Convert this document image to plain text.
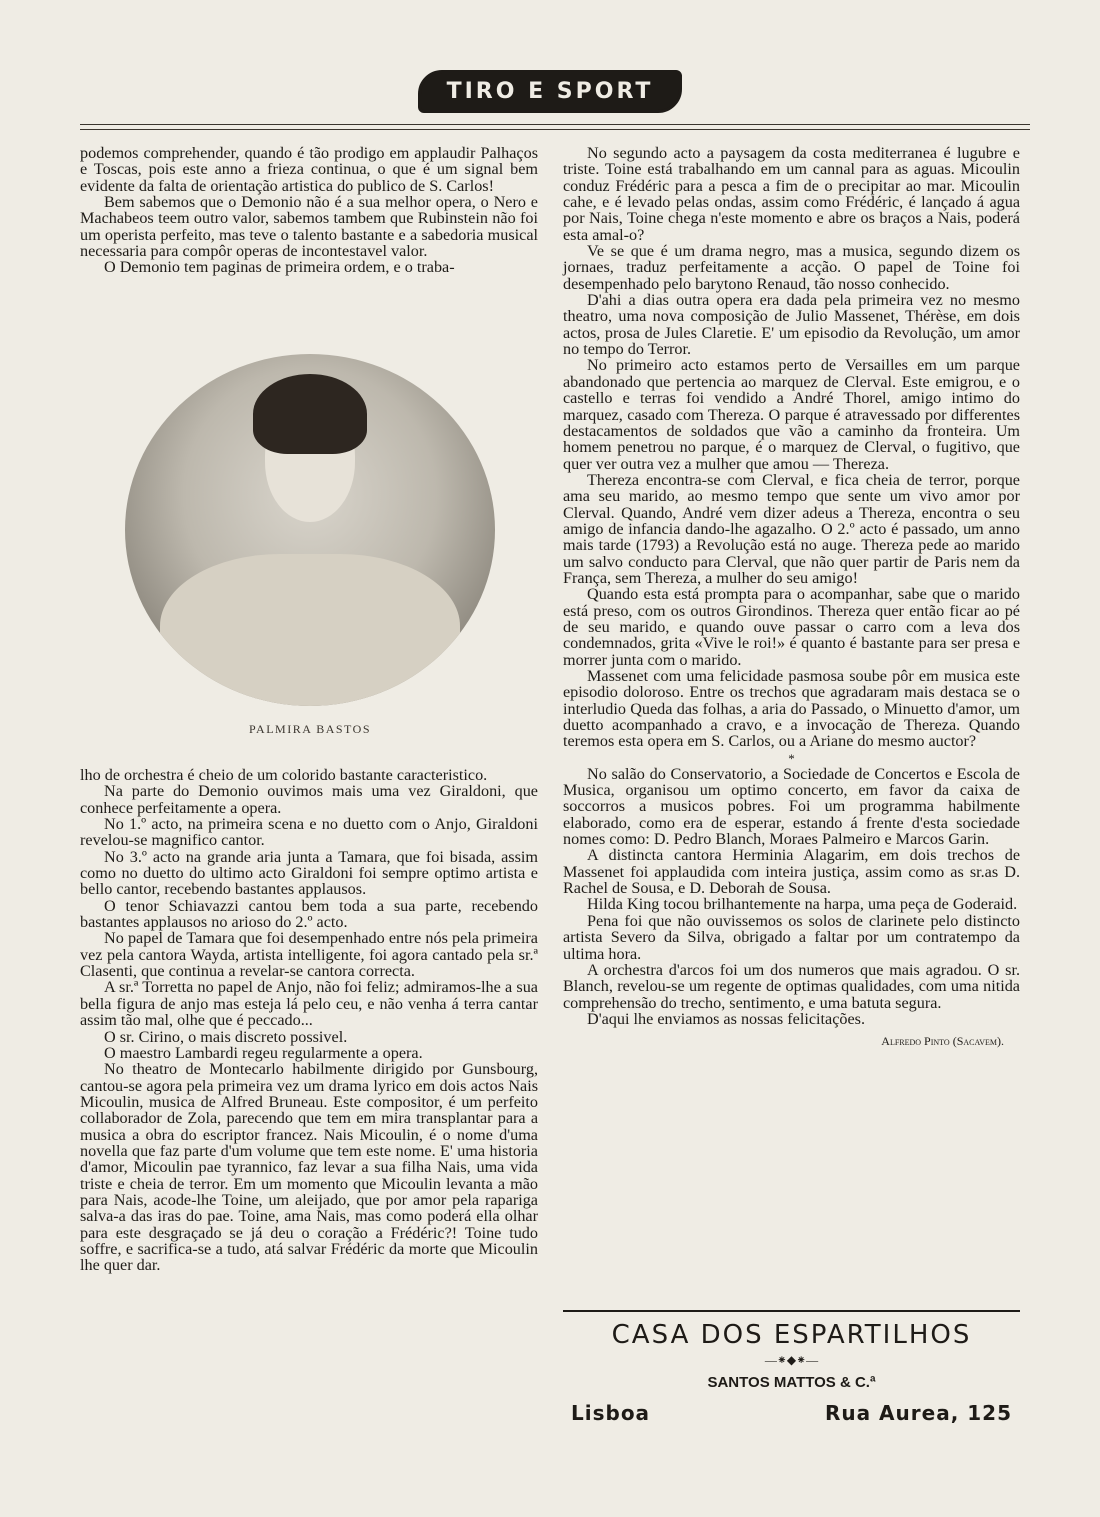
TIRO E SPORT

podemos comprehender, quando é tão prodigo em applaudir Palhaços e Toscas, pois este anno a frieza continua, o que é um signal bem evidente da falta de orientação artistica do publico de S. Carlos!

Bem sabemos que o Demonio não é a sua melhor opera, o Nero e Machabeos teem outro valor, sabemos tambem que Rubinstein não foi um operista perfeito, mas teve o talento bastante e a sabedoria musical necessaria para compôr operas de incontestavel valor.

O Demonio tem paginas de primeira ordem, e o traba-

PALMIRA BASTOS

lho de orchestra é cheio de um colorido bastante caracteristico.

Na parte do Demonio ouvimos mais uma vez Giraldoni, que conhece perfeitamente a opera.

No 1.º acto, na primeira scena e no duetto com o Anjo, Giraldoni revelou-se magnifico cantor.

No 3.º acto na grande aria junta a Tamara, que foi bisada, assim como no duetto do ultimo acto Giraldoni foi sempre optimo artista e bello cantor, recebendo bastantes applausos.

O tenor Schiavazzi cantou bem toda a sua parte, recebendo bastantes applausos no arioso do 2.º acto.

No papel de Tamara que foi desempenhado entre nós pela primeira vez pela cantora Wayda, artista intelligente, foi agora cantado pela sr.ª Clasenti, que continua a revelar-se cantora correcta.

A sr.ª Torretta no papel de Anjo, não foi feliz; admiramos-lhe a sua bella figura de anjo mas esteja lá pelo ceu, e não venha á terra cantar assim tão mal, olhe que é peccado...

O sr. Cirino, o mais discreto possivel.

O maestro Lambardi regeu regularmente a opera.

No theatro de Montecarlo habilmente dirigido por Gunsbourg, cantou-se agora pela primeira vez um drama lyrico em dois actos Nais Micoulin, musica de Alfred Bruneau. Este compositor, é um perfeito collaborador de Zola, parecendo que tem em mira transplantar para a musica a obra do escriptor francez. Nais Micoulin, é o nome d'uma novella que faz parte d'um volume que tem este nome. E' uma historia d'amor, Micoulin pae tyrannico, faz levar a sua filha Nais, uma vida triste e cheia de terror. Em um momento que Micoulin levanta a mão para Nais, acode-lhe Toine, um aleijado, que por amor pela rapariga salva-a das iras do pae. Toine, ama Nais, mas como poderá ella olhar para este desgraçado se já deu o coração a Frédéric?! Toine tudo soffre, e sacrifica-se a tudo, atá salvar Frédéric da morte que Micoulin lhe quer dar.

No segundo acto a paysagem da costa mediterranea é lugubre e triste. Toine está trabalhando em um cannal para as aguas. Micoulin conduz Frédéric para a pesca a fim de o precipitar ao mar. Micoulin cahe, e é levado pelas ondas, assim como Frédéric, é lançado á agua por Nais, Toine chega n'este momento e abre os braços a Nais, poderá esta amal-o?

Ve se que é um drama negro, mas a musica, segundo dizem os jornaes, traduz perfeitamente a acção. O papel de Toine foi desempenhado pelo barytono Renaud, tão nosso conhecido.

D'ahi a dias outra opera era dada pela primeira vez no mesmo theatro, uma nova composição de Julio Massenet, Thérèse, em dois actos, prosa de Jules Claretie. E' um episodio da Revolução, um amor no tempo do Terror.

No primeiro acto estamos perto de Versailles em um parque abandonado que pertencia ao marquez de Clerval. Este emigrou, e o castello e terras foi vendido a André Thorel, amigo intimo do marquez, casado com Thereza. O parque é atravessado por differentes destacamentos de soldados que vão a caminho da fronteira. Um homem penetrou no parque, é o marquez de Clerval, o fugitivo, que quer ver outra vez a mulher que amou — Thereza.

Thereza encontra-se com Clerval, e fica cheia de terror, porque ama seu marido, ao mesmo tempo que sente um vivo amor por Clerval. Quando, André vem dizer adeus a Thereza, encontra o seu amigo de infancia dando-lhe agazalho. O 2.º acto é passado, um anno mais tarde (1793) a Revolução está no auge. Thereza pede ao marido um salvo conducto para Clerval, que não quer partir de Paris nem da França, sem Thereza, a mulher do seu amigo!

Quando esta está prompta para o acompanhar, sabe que o marido está preso, com os outros Girondinos. Thereza quer então ficar ao pé de seu marido, e quando ouve passar o carro com a leva dos condemnados, grita «Vive le roi!» é quanto é bastante para ser presa e morrer junta com o marido.

Massenet com uma felicidade pasmosa soube pôr em musica este episodio doloroso. Entre os trechos que agradaram mais destaca se o interludio Queda das folhas, a aria do Passado, o Minuetto d'amor, um duetto acompanhado a cravo, e a invocação de Thereza. Quando teremos esta opera em S. Carlos, ou a Ariane do mesmo auctor?

*

No salão do Conservatorio, a Sociedade de Concertos e Escola de Musica, organisou um optimo concerto, em favor da caixa de soccorros a musicos pobres. Foi um programma habilmente elaborado, como era de esperar, estando á frente d'esta sociedade nomes como: D. Pedro Blanch, Moraes Palmeiro e Marcos Garin.

A distincta cantora Herminia Alagarim, em dois trechos de Massenet foi applaudida com inteira justiça, assim como as sr.as D. Rachel de Sousa, e D. Deborah de Sousa.

Hilda King tocou brilhantemente na harpa, uma peça de Goderaid.

Pena foi que não ouvissemos os solos de clarinete pelo distincto artista Severo da Silva, obrigado a faltar por um contratempo da ultima hora.

A orchestra d'arcos foi um dos numeros que mais agradou. O sr. Blanch, revelou-se um regente de optimas qualidades, com uma nitida comprehensão do trecho, sentimento, e uma batuta segura.

D'aqui lhe enviamos as nossas felicitações.

Alfredo Pinto (Sacavem).
CASA DOS ESPARTILHOS
—⁕◆⁕—
SANTOS MATTOS & C.ª
Lisboa	Rua Aurea, 125
